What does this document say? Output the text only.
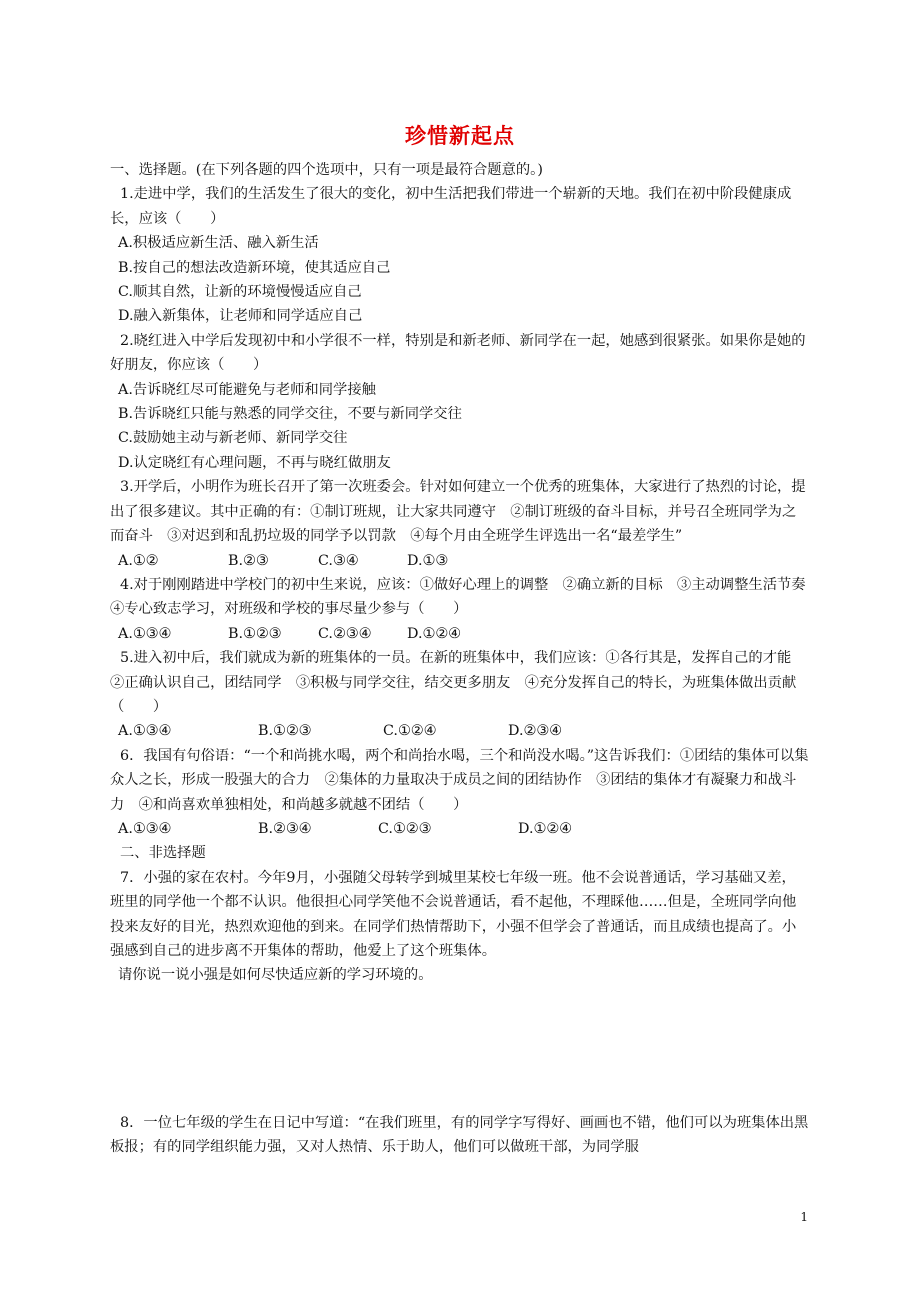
珍惜新起点

一、选择题。(在下列各题的四个选项中，只有一项是最符合题意的。)

1.走进中学，我们的生活发生了很大的变化，初中生活把我们带进一个崭新的天地。我们在初中阶段健康成长，应该（　　）

A.积极适应新生活、融入新生活

B.按自己的想法改造新环境，使其适应自己

C.顺其自然，让新的环境慢慢适应自己

D.融入新集体，让老师和同学适应自己

2.晓红进入中学后发现初中和小学很不一样，特别是和新老师、新同学在一起，她感到很紧张。如果你是她的好朋友，你应该（　　）

A.告诉晓红尽可能避免与老师和同学接触

B.告诉晓红只能与熟悉的同学交往，不要与新同学交往

C.鼓励她主动与新老师、新同学交往

D.认定晓红有心理问题，不再与晓红做朋友

3.开学后，小明作为班长召开了第一次班委会。针对如何建立一个优秀的班集体，大家进行了热烈的讨论，提出了很多建议。其中正确的有：①制订班规，让大家共同遵守　②制订班级的奋斗目标，并号召全班同学为之而奋斗　③对迟到和乱扔垃圾的同学予以罚款　④每个月由全班学生评选出一名“最差学生”

A.①②	B.②③	C.③④	D.①③

4.对于刚刚踏进中学校门的初中生来说，应该：①做好心理上的调整　②确立新的目标　③主动调整生活节奏　④专心致志学习，对班级和学校的事尽量少参与（　　）

A.①③④	B.①②③	C.②③④	D.①②④

5.进入初中后，我们就成为新的班集体的一员。在新的班集体中，我们应该：①各行其是，发挥自己的才能　②正确认识自己，团结同学　③积极与同学交往，结交更多朋友　④充分发挥自己的特长，为班集体做出贡献（　　）

A.①③④	B.①②③	C.①②④	D.②③④

6．我国有句俗语：“一个和尚挑水喝，两个和尚抬水喝，三个和尚没水喝。”这告诉我们：①团结的集体可以集众人之长，形成一股强大的合力　②集体的力量取决于成员之间的团结协作　③团结的集体才有凝聚力和战斗力　④和尚喜欢单独相处，和尚越多就越不团结（　　）

A.①③④	B.②③④	C.①②③	D.①②④

二、非选择题

7．小强的家在农村。今年9月，小强随父母转学到城里某校七年级一班。他不会说普通话，学习基础又差，班里的同学他一个都不认识。他很担心同学笑他不会说普通话，看不起他，不理睬他……但是，全班同学向他投来友好的目光，热烈欢迎他的到来。在同学们热情帮助下，小强不但学会了普通话，而且成绩也提高了。小强感到自己的进步离不开集体的帮助，他爱上了这个班集体。

请你说一说小强是如何尽快适应新的学习环境的。

8．一位七年级的学生在日记中写道：“在我们班里，有的同学字写得好、画画也不错，他们可以为班集体出黑板报；有的同学组织能力强，又对人热情、乐于助人，他们可以做班干部，为同学服

1
